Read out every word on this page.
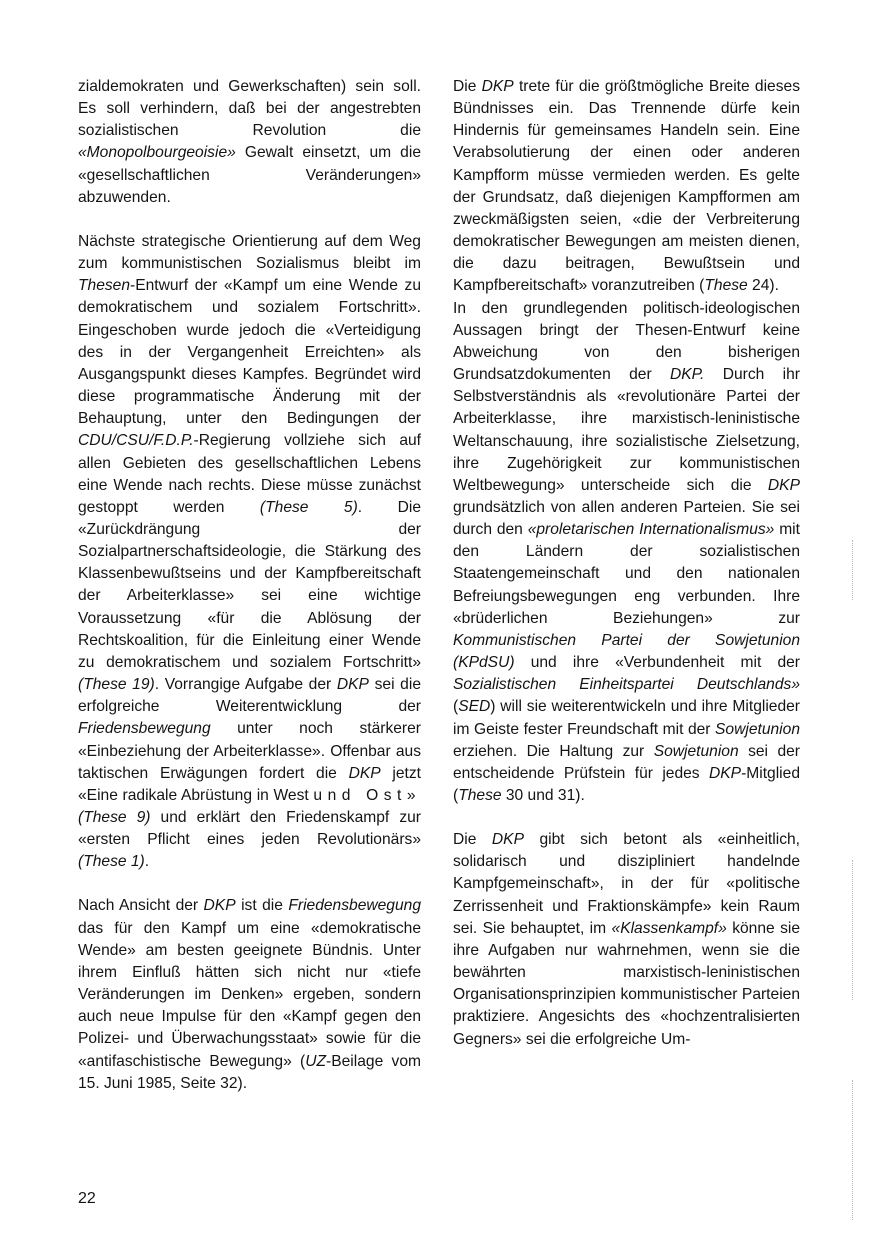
zialdemokraten und Gewerkschaften) sein soll. Es soll verhindern, daß bei der angestrebten sozialistischen Revolution die «Monopolbourgeoisie» Gewalt einsetzt, um die «gesellschaftlichen Veränderungen» abzuwenden.

Nächste strategische Orientierung auf dem Weg zum kommunistischen Sozialismus bleibt im Thesen-Entwurf der «Kampf um eine Wende zu demokratischem und sozialem Fortschritt». Eingeschoben wurde jedoch die «Verteidigung des in der Vergangenheit Erreichten» als Ausgangspunkt dieses Kampfes. Begründet wird diese programmatische Änderung mit der Behauptung, unter den Bedingungen der CDU/CSU/F.D.P.-Regierung vollziehe sich auf allen Gebieten des gesellschaftlichen Lebens eine Wende nach rechts. Diese müsse zunächst gestoppt werden (These 5). Die «Zurückdrängung der Sozialpartnerschaftsideologie, die Stärkung des Klassenbewußtseins und der Kampfbereitschaft der Arbeiterklasse» sei eine wichtige Voraussetzung «für die Ablösung der Rechtskoalition, für die Einleitung einer Wende zu demokratischem und sozialem Fortschritt» (These 19). Vorrangige Aufgabe der DKP sei die erfolgreiche Weiterentwicklung der Friedensbewegung unter noch stärkerer «Einbeziehung der Arbeiterklasse». Offenbar aus taktischen Erwägungen fordert die DKP jetzt «Eine radikale Abrüstung in West und Ost» (These 9) und erklärt den Friedenskampf zur «ersten Pflicht eines jeden Revolutionärs» (These 1).

Nach Ansicht der DKP ist die Friedensbewegung das für den Kampf um eine «demokratische Wende» am besten geeignete Bündnis. Unter ihrem Einfluß hätten sich nicht nur «tiefe Veränderungen im Denken» ergeben, sondern auch neue Impulse für den «Kampf gegen den Polizei- und Überwachungsstaat» sowie für die «antifaschistische Bewegung» (UZ-Beilage vom 15. Juni 1985, Seite 32).

Die DKP trete für die größtmögliche Breite dieses Bündnisses ein. Das Trennende dürfe kein Hindernis für gemeinsames Handeln sein. Eine Verabsolutierung der einen oder anderen Kampfform müsse vermieden werden. Es gelte der Grundsatz, daß diejenigen Kampfformen am zweckmäßigsten seien, «die der Verbreiterung demokratischer Bewegungen am meisten dienen, die dazu beitragen, Bewußtsein und Kampfbereitschaft» voranzutreiben (These 24).

In den grundlegenden politisch-ideologischen Aussagen bringt der Thesen-Entwurf keine Abweichung von den bisherigen Grundsatzdokumenten der DKP. Durch ihr Selbstverständnis als «revolutionäre Partei der Arbeiterklasse, ihre marxistisch-leninistische Weltanschauung, ihre sozialistische Zielsetzung, ihre Zugehörigkeit zur kommunistischen Weltbewegung» unterscheide sich die DKP grundsätzlich von allen anderen Parteien. Sie sei durch den «proletarischen Internationalismus» mit den Ländern der sozialistischen Staatengemeinschaft und den nationalen Befreiungsbewegungen eng verbunden. Ihre «brüderlichen Beziehungen» zur Kommunistischen Partei der Sowjetunion (KPdSU) und ihre «Verbundenheit mit der Sozialistischen Einheitspartei Deutschlands» (SED) will sie weiterentwickeln und ihre Mitglieder im Geiste fester Freundschaft mit der Sowjetunion erziehen. Die Haltung zur Sowjetunion sei der entscheidende Prüfstein für jedes DKP-Mitglied (These 30 und 31).

Die DKP gibt sich betont als «einheitlich, solidarisch und diszipliniert handelnde Kampfgemeinschaft», in der für «politische Zerrissenheit und Fraktionskämpfe» kein Raum sei. Sie behauptet, im «Klassenkampf» könne sie ihre Aufgaben nur wahrnehmen, wenn sie die bewährten marxistisch-leninistischen Organisationsprinzipien kommunistischer Parteien praktiziere. Angesichts des «hochzentralisierten Gegners» sei die erfolgreiche Um-

22
